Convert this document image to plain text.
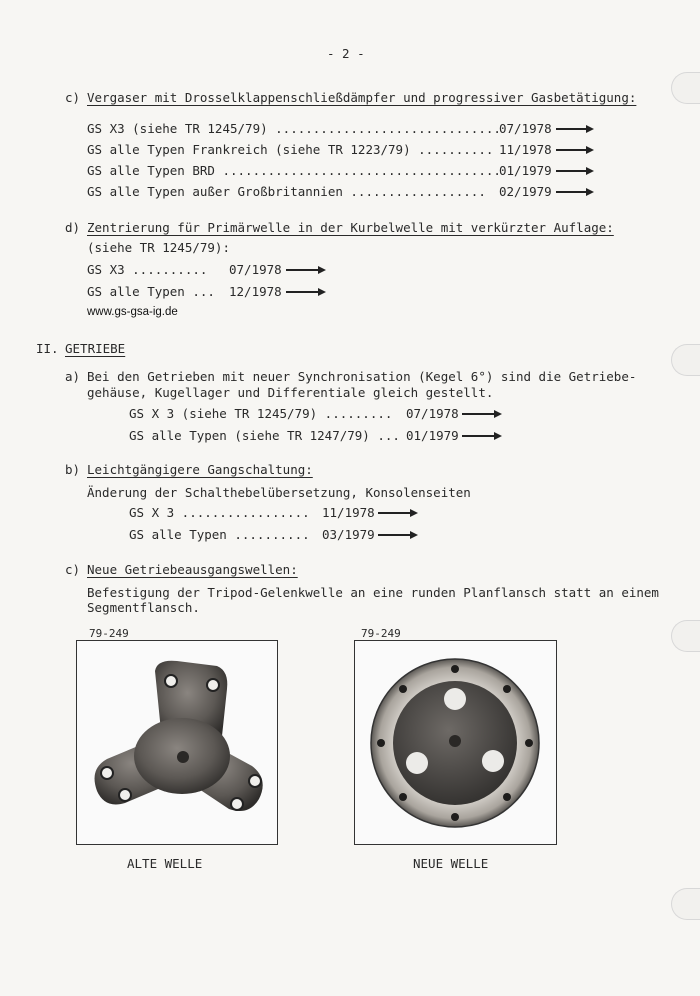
- 2 -
c) Vergaser mit Drosselklappenschließdämpfer und progressiver Gasbetätigung:
GS X3 (siehe TR 1245/79) ..............................
07/1978
GS alle Typen Frankreich (siehe TR 1223/79) .......... 11/1978
GS alle Typen BRD .....................................
01/1979
GS alle Typen außer Großbritannien .................. 02/1979
d) Zentrierung für Primärwelle in der Kurbelwelle mit verkürzter Auflage:
(siehe TR 1245/79):
GS X3 .......... 07/1978
GS alle Typen ... 12/1978
www.gs-gsa-ig.de
II. GETRIEBE
a) Bei den Getrieben mit neuer Synchronisation (Kegel 6°) sind die Getriebe-
gehäuse, Kugellager und Differentiale gleich gestellt.
GS X 3 (siehe TR 1245/79) ......... 07/1978
GS alle Typen (siehe TR 1247/79) ... 01/1979
b) Leichtgängigere Gangschaltung:
Änderung der Schalthebelübersetzung, Konsolenseiten
GS X 3 ................. 11/1978
GS alle Typen .......... 03/1979
c) Neue Getriebeausgangswellen:
Befestigung der Tripod-Gelenkwelle an eine runden Planflansch statt an einem
Segmentflansch.
79-249
ALTE WELLE
79-249
NEUE WELLE
